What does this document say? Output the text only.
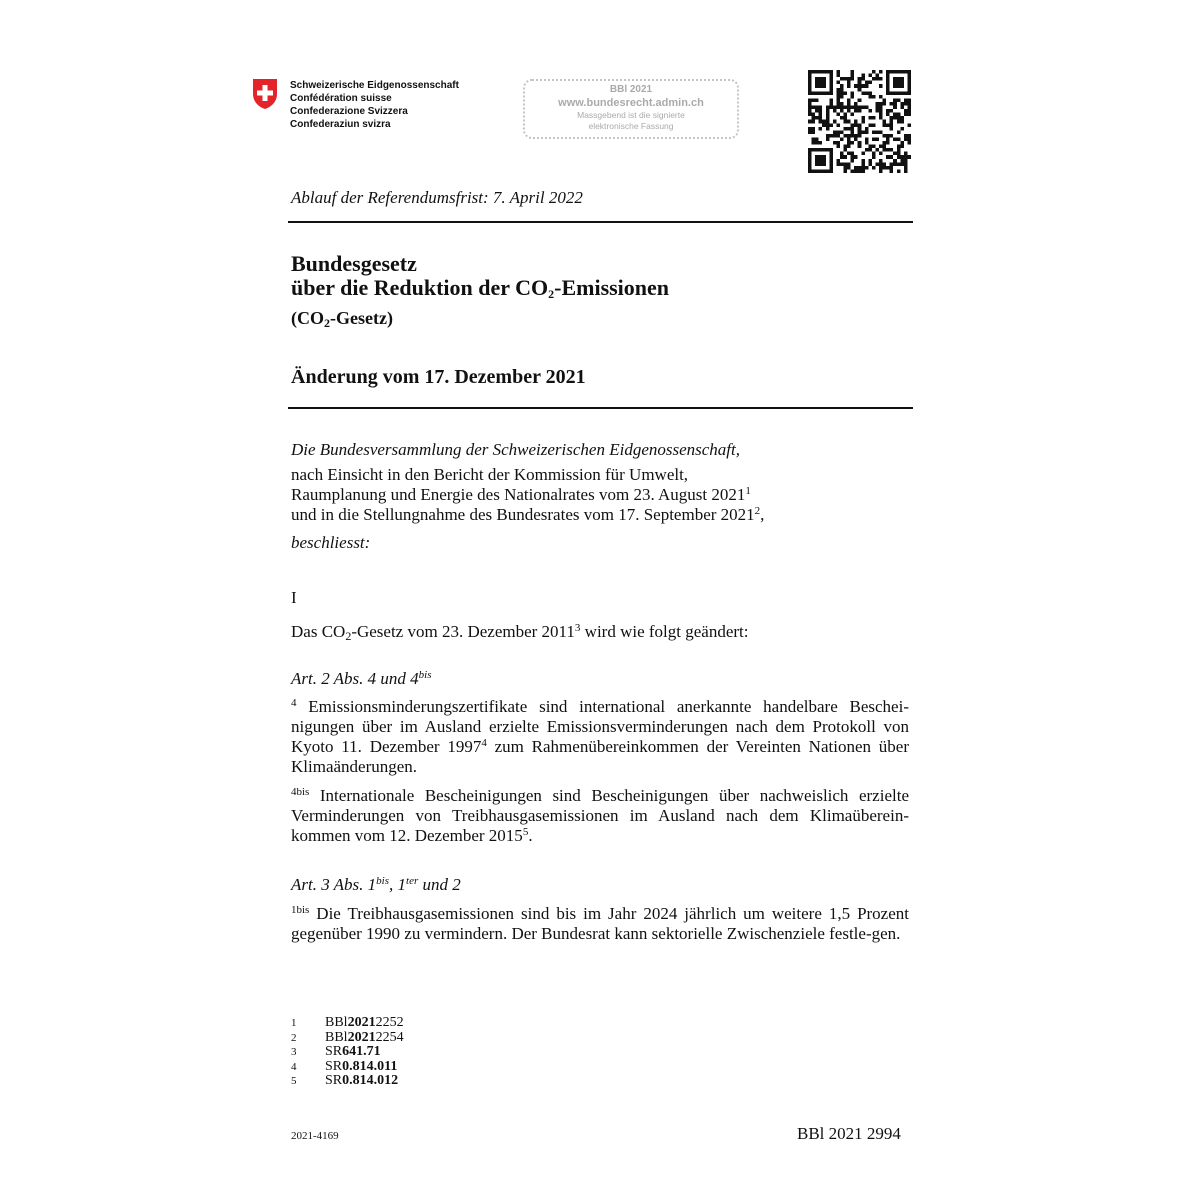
Schweizerische Eidgenossenschaft
Confédération suisse
Confederazione Svizzera
Confederaziun svizra
BBl 2021
www.bundesrecht.admin.ch
Massgebend ist die signierte
elektronische Fassung
Ablauf der Referendumsfrist: 7. April 2022
Bundesgesetz
über die Reduktion der $CO_2$-Emissionen
$(CO_2-Gesetz)$
Änderung vom 17. Dezember 2021
Die Bundesversammlung der Schweizerischen Eidgenossenschaft,
nach Einsicht in den Bericht der Kommission für Umwelt,
Raumplanung und Energie des Nationalrates vom 23. August 2021$^1$
und in die Stellungnahme des Bundesrates vom 17. September 2021$^2$,
beschliesst:
I
Das $CO_2$-Gesetz vom 23. Dezember 2011$^3$ wird wie folgt geändert:
Art. 2 Abs. 4 und $4^{bis}$
$^4$ Emissionsminderungszertifikate sind international anerkannte handelbare Beschei-nigungen über im Ausland erzielte Emissionsverminderungen nach dem Protokoll von Kyoto 11. Dezember 1997$^4$ zum Rahmenübereinkommen der Vereinten Nationen über Klimaänderungen.
$^{4bis}$ Internationale Bescheinigungen sind Bescheinigungen über nachweislich erzielte Verminderungen von Treibhausgasemissionen im Ausland nach dem Klimaüberein-kommen vom 12. Dezember 2015$^5$.
Art. 3 Abs. $1^{bis}$, $1^{ter}$ und 2
$^{1bis}$ Die Treibhausgasemissionen sind bis im Jahr 2024 jährlich um weitere 1,5 Prozent gegenüber 1990 zu vermindern. Der Bundesrat kann sektorielle Zwischenziele festle-gen.
1	BBl 2021 2252
2	BBl 2021 2254
3	SR 641.71
4	SR 0.814.011
5	SR 0.814.012
2021-4169	BBl 2021 2994
